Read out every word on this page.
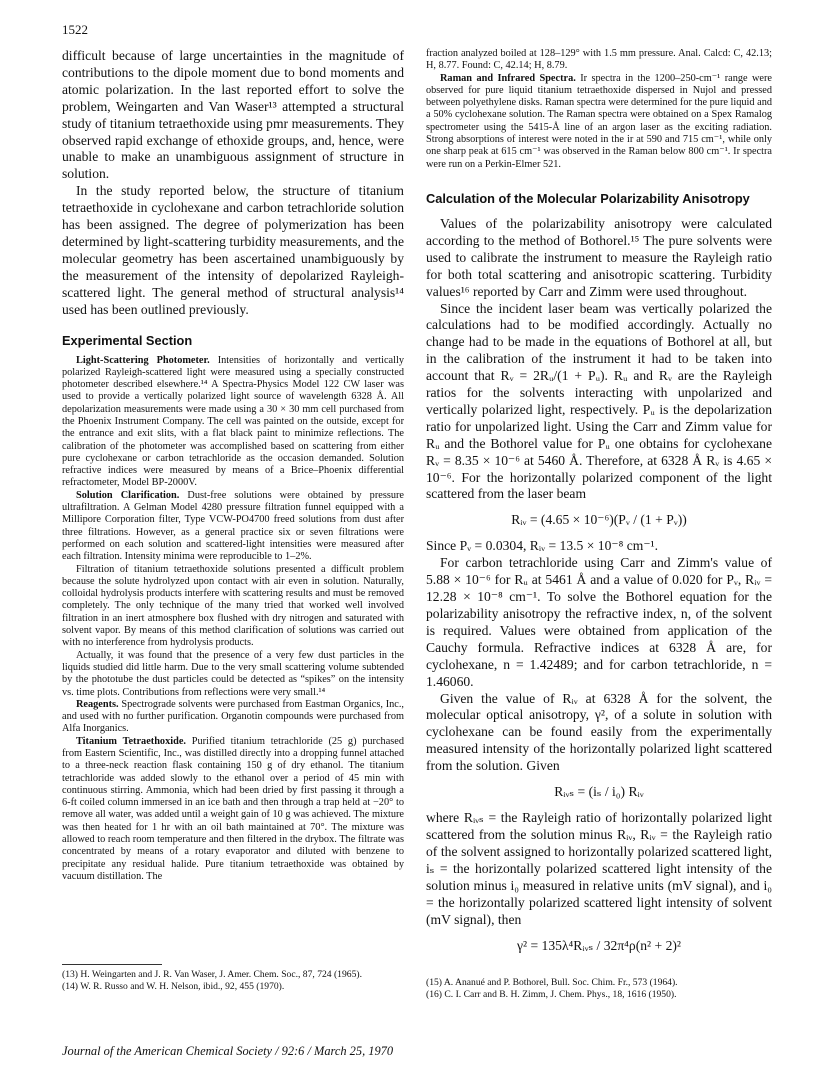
1522

difficult because of large uncertainties in the magnitude of contributions to the dipole moment due to bond moments and atomic polarization. In the last reported effort to solve the problem, Weingarten and Van Waser¹³ attempted a structural study of titanium tetraethoxide using pmr measurements. They observed rapid exchange of ethoxide groups, and, hence, were unable to make an unambiguous assignment of structure in solution.

In the study reported below, the structure of titanium tetraethoxide in cyclohexane and carbon tetrachloride solution has been assigned. The degree of polymerization has been determined by light-scattering turbidity measurements, and the molecular geometry has been ascertained unambiguously by the measurement of the intensity of depolarized Rayleigh-scattered light. The general method of structural analysis¹⁴ used has been outlined previously.

Experimental Section

Light-Scattering Photometer. Intensities of horizontally and vertically polarized Rayleigh-scattered light were measured using a specially constructed photometer described elsewhere.¹⁴ A Spectra-Physics Model 122 CW laser was used to provide a vertically polarized light source of wavelength 6328 Å. All depolarization measurements were made using a 30 × 30 mm cell purchased from the Phoenix Instrument Company. The cell was painted on the outside, except for the entrance and exit slits, with a flat black paint to minimize reflections. The calibration of the photometer was accomplished based on scattering from either pure cyclohexane or carbon tetrachloride as the occasion demanded. Solution refractive indices were measured by means of a Brice–Phoenix differential refractometer, Model BP-2000V.

Solution Clarification. Dust-free solutions were obtained by pressure ultrafiltration. A Gelman Model 4280 pressure filtration funnel equipped with a Millipore Corporation filter, Type VCW-PO4700 freed solutions from dust after three filtrations. However, as a general practice six or seven filtrations were performed on each solution and scattered-light intensities were measured after each filtration. Intensity minima were reproducible to 1–2%.

Filtration of titanium tetraethoxide solutions presented a difficult problem because the solute hydrolyzed upon contact with air even in solution. Naturally, colloidal hydrolysis products interfere with scattering results and must be removed completely. The only technique of the many tried that worked well involved filtration in an inert atmosphere box flushed with dry nitrogen and saturated with solvent vapor. By means of this method clarification of solutions was carried out with no interference from hydrolysis products.

Actually, it was found that the presence of a very few dust particles in the liquids studied did little harm. Due to the very small scattering volume subtended by the phototube the dust particles could be detected as “spikes” on the intensity vs. time plots. Contributions from reflections were very small.¹⁴

Reagents. Spectrograde solvents were purchased from Eastman Organics, Inc., and used with no further purification. Organotin compounds were purchased from Alfa Inorganics.

Titanium Tetraethoxide. Purified titanium tetrachloride (25 g) purchased from Eastern Scientific, Inc., was distilled directly into a dropping funnel attached to a three-neck reaction flask containing 150 g of dry ethanol. The titanium tetrachloride was added slowly to the ethanol over a period of 45 min with continuous stirring. Ammonia, which had been dried by first passing it through a 6-ft coiled column immersed in an ice bath and then through a trap held at −20° to remove all water, was added until a weight gain of 10 g was achieved. The mixture was then heated for 1 hr with an oil bath maintained at 70°. The mixture was allowed to reach room temperature and then filtered in the drybox. The filtrate was concentrated by means of a rotary evaporator and diluted with benzene to precipitate any residual halide. Pure titanium tetraethoxide was obtained by vacuum distillation. The

fraction analyzed boiled at 128–129° with 1.5 mm pressure. Anal. Calcd: C, 42.13; H, 8.77. Found: C, 42.14; H, 8.79.

Raman and Infrared Spectra. Ir spectra in the 1200–250-cm⁻¹ range were observed for pure liquid titanium tetraethoxide dispersed in Nujol and pressed between polyethylene disks. Raman spectra were determined for the pure liquid and a 50% cyclohexane solution. The Raman spectra were obtained on a Spex Ramalog spectrometer using the 5415-Å line of an argon laser as the exciting radiation. Strong absorptions of interest were noted in the ir at 590 and 715 cm⁻¹, while only one sharp peak at 615 cm⁻¹ was observed in the Raman below 800 cm⁻¹. Ir spectra were run on a Perkin-Elmer 521.

Calculation of the Molecular Polarizability Anisotropy

Values of the polarizability anisotropy were calculated according to the method of Bothorel.¹⁵ The pure solvents were used to calibrate the instrument to measure the Rayleigh ratio for both total scattering and anisotropic scattering. Turbidity values¹⁶ reported by Carr and Zimm were used throughout.

Since the incident laser beam was vertically polarized the calculations had to be modified accordingly. Actually no change had to be made in the equations of Bothorel at all, but in the calibration of the instrument it had to be taken into account that Rᵥ = 2Rᵤ/(1 + Pᵤ). Rᵤ and Rᵥ are the Rayleigh ratios for the solvents interacting with unpolarized and vertically polarized light, respectively. Pᵤ is the depolarization ratio for unpolarized light. Using the Carr and Zimm value for Rᵤ and the Bothorel value for Pᵤ one obtains for cyclohexane Rᵥ = 8.35 × 10⁻⁶ at 5460 Å. Therefore, at 6328 Å Rᵥ is 4.65 × 10⁻⁶. For the horizontally polarized component of the light scattered from the laser beam

Rᵢᵥ = (4.65 × 10⁻⁶)(Pᵥ / (1 + Pᵥ))

Since Pᵥ = 0.0304, Rᵢᵥ = 13.5 × 10⁻⁸ cm⁻¹.

For carbon tetrachloride using Carr and Zimm's value of 5.88 × 10⁻⁶ for Rᵤ at 5461 Å and a value of 0.020 for Pᵥ, Rᵢᵥ = 12.28 × 10⁻⁸ cm⁻¹. To solve the Bothorel equation for the polarizability anisotropy the refractive index, n, of the solvent is required. Values were obtained from application of the Cauchy formula. Refractive indices at 6328 Å are, for cyclohexane, n = 1.42489; and for carbon tetrachloride, n = 1.46060.

Given the value of Rᵢᵥ at 6328 Å for the solvent, the molecular optical anisotropy, γ², of a solute in solution with cyclohexane can be found easily from the experimentally measured intensity of the horizontally polarized light scattered from the solution. Given

Rᵢᵥₛ = (iₛ / i₀) Rᵢᵥ

where Rᵢᵥₛ = the Rayleigh ratio of horizontally polarized light scattered from the solution minus Rᵢᵥ, Rᵢᵥ = the Rayleigh ratio of the solvent assigned to horizontally polarized scattered light, iₛ = the horizontally polarized scattered light intensity of the solution minus i₀ measured in relative units (mV signal), and i₀ = the horizontally polarized scattered light intensity of solvent (mV signal), then

γ² = 135λ⁴Rᵢᵥₛ / 32π⁴ρ(n² + 2)²

(13) H. Weingarten and J. R. Van Waser, J. Amer. Chem. Soc., 87, 724 (1965).

(14) W. R. Russo and W. H. Nelson, ibid., 92, 455 (1970).	(15) A. Ananué and P. Bothorel, Bull. Soc. Chim. Fr., 573 (1964).

(16) C. I. Carr and B. H. Zimm, J. Chem. Phys., 18, 1616 (1950).

Journal of the American Chemical Society / 92:6 / March 25, 1970
